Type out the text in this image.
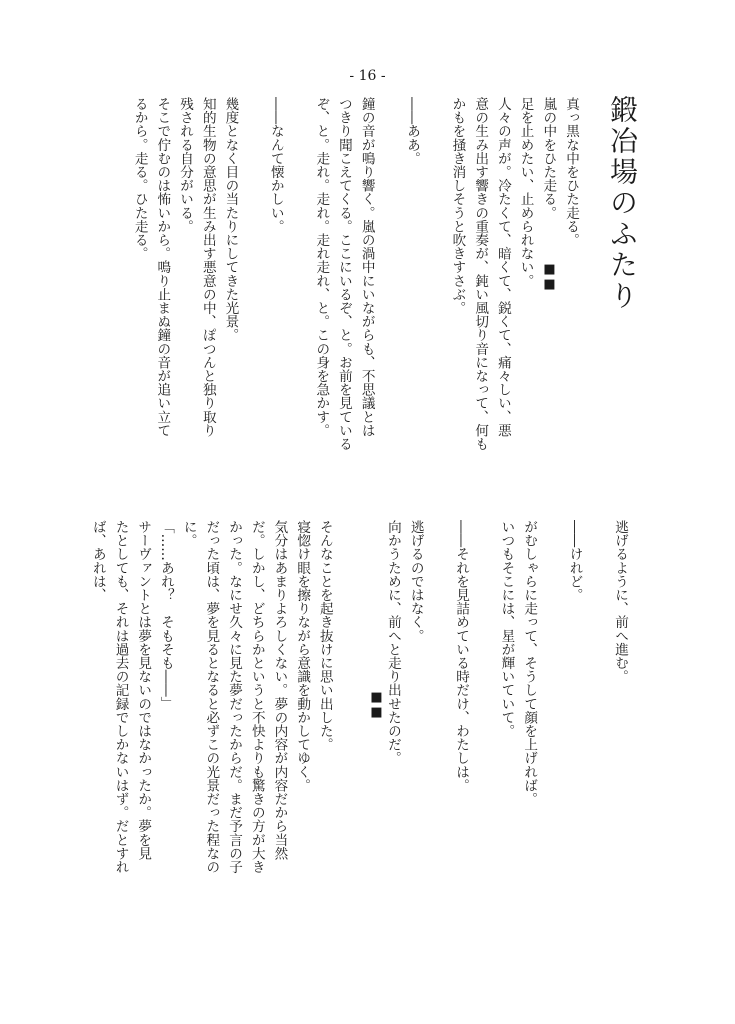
- 16 -
鍛冶場のふたり
■■
■■

真っ黒な中をひた走る。

嵐の中をひた走る。

足を止めたい、止められない。

人々の声が。冷たくて、暗くて、鋭くて、痛々しい、悪

意の生み出す響きの重奏が、鈍い風切り音になって、何も

かもを掻き消しそうと吹きすさぶ。

――ああ。

鐘の音が鳴り響く。嵐の渦中にいながらも、不思議とは

つきり聞こえてくる。ここにいるぞ、と。お前を見ている

ぞ、と。走れ。走れ。走れ走れ、と。この身を急かす。

――なんて懐かしい。

幾度となく目の当たりにしてきた光景。

知的生物の意思が生み出す悪意の中、ぽつんと独り取り

残される自分がいる。

そこで佇むのは怖いから。鳴り止まぬ鐘の音が追い立て

るから。走る。ひた走る。

逃げるように、前へ進む。

――けれど。

がむしゃらに走って、そうして顔を上げれば。

いつもそこには、星が輝いていて。

――それを見詰めている時だけ、わたしは。

逃げるのではなく。

向かうために、前へと走り出せたのだ。

そんなことを起き抜けに思い出した。

寝惚け眼を擦りながら意識を動かしてゆく。

気分はあまりよろしくない。夢の内容が内容だから当然

だ。しかし、どちらかというと不快よりも驚きの方が大き

かった。なにせ久々に見た夢だったからだ。まだ予言の子

だった頃は、夢を見るとなると必ずこの光景だった程なの

に。

「……あれ？　そもそも――」

サーヴァントとは夢を見ないのではなかったか。夢を見

たとしても、それは過去の記録でしかないはず。だとすれ

ば、あれは、
